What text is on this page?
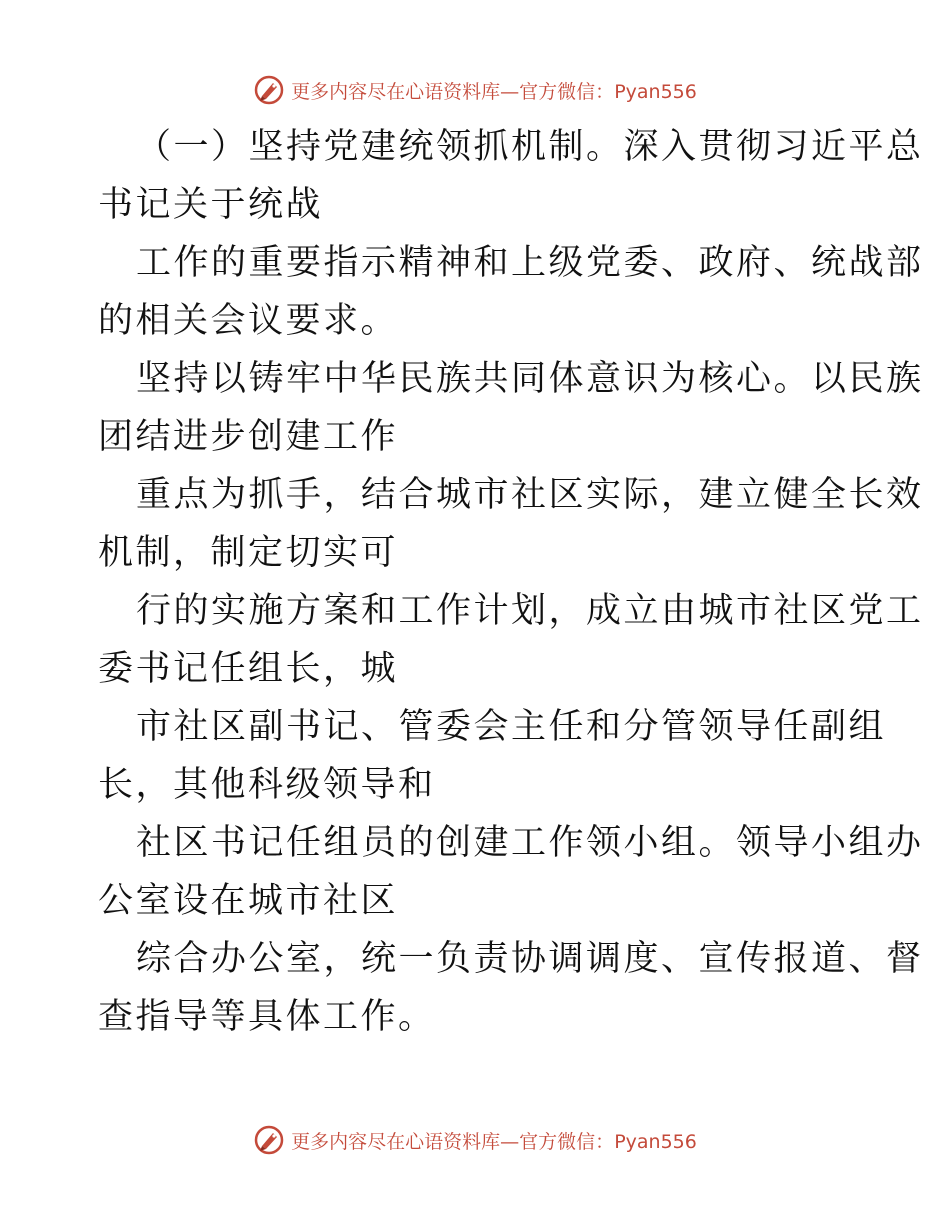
更多内容尽在心语资料库—官方微信：Pyan556
（一）坚持党建统领抓机制。深入贯彻习近平总
书记关于统战
工作的重要指示精神和上级党委、政府、统战部
的相关会议要求。
坚持以铸牢中华民族共同体意识为核心。以民族
团结进步创建工作
重点为抓手，结合城市社区实际，建立健全长效
机制，制定切实可
行的实施方案和工作计划，成立由城市社区党工
委书记任组长，城
市社区副书记、管委会主任和分管领导任副组
长，其他科级领导和
社区书记任组员的创建工作领小组。领导小组办
公室设在城市社区
综合办公室，统一负责协调调度、宣传报道、督
查指导等具体工作。
更多内容尽在心语资料库—官方微信：Pyan556
